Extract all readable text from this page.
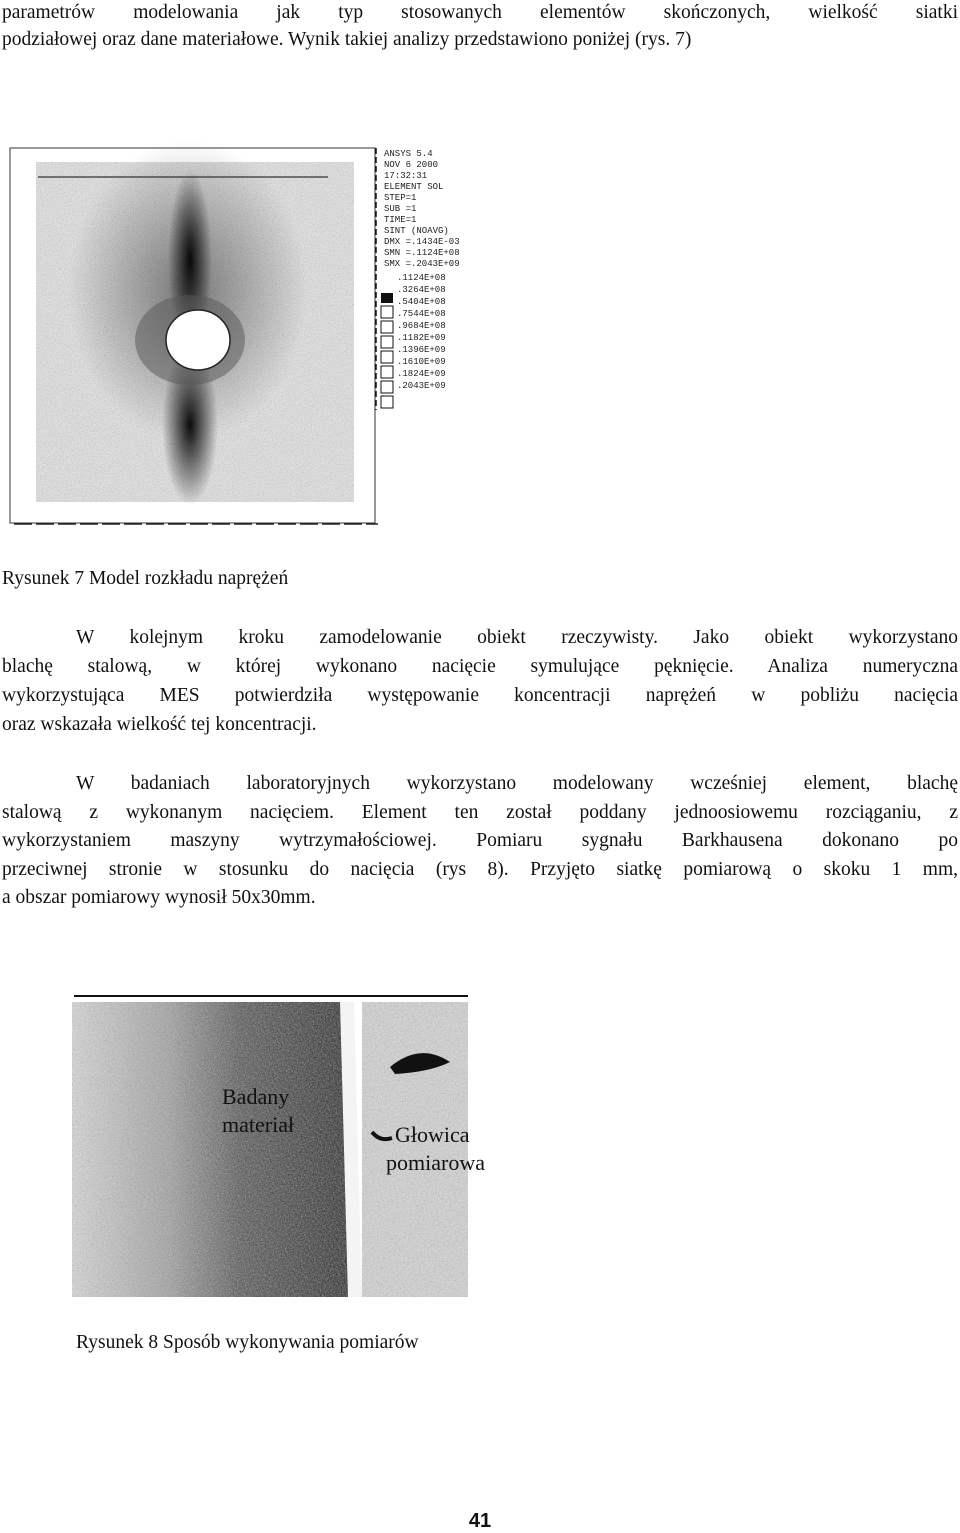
parametrów modelowania jak typ stosowanych elementów skończonych, wielkość siatki
podziałowej oraz dane materiałowe. Wynik takiej analizy przedstawiono poniżej (rys. 7)
ANSYS 5.4
NOV 6 2000
17:32:31
ELEMENT SOL
STEP=1
SUB =1
TIME=1
SINT (NOAVG)
DMX =.1434E-03
SMN =.1124E+08
SMX =.2043E+09
.1124E+08
.3264E+08
.5404E+08
.7544E+08
.9684E+08
.1182E+09
.1396E+09
.1610E+09
.1824E+09
.2043E+09
Rysunek 7 Model rozkładu naprężeń
W kolejnym kroku zamodelowanie obiekt rzeczywisty. Jako obiekt wykorzystano
blachę stalową, w której wykonano nacięcie symulujące pęknięcie. Analiza numeryczna
wykorzystująca MES potwierdziła występowanie koncentracji naprężeń w pobliżu nacięcia
oraz wskazała wielkość tej koncentracji.
W badaniach laboratoryjnych wykorzystano modelowany wcześniej element, blachę
stalową z wykonanym nacięciem. Element ten został poddany jednoosiowemu rozciąganiu, z
wykorzystaniem maszyny wytrzymałościowej. Pomiaru sygnału Barkhausena dokonano po
przeciwnej stronie w stosunku do nacięcia (rys 8). Przyjęto siatkę pomiarową o skoku 1 mm,
a obszar pomiarowy wynosił 50x30mm.
Badany
materiał	Głowica
pomiarowa
Rysunek 8 Sposób wykonywania pomiarów
41
